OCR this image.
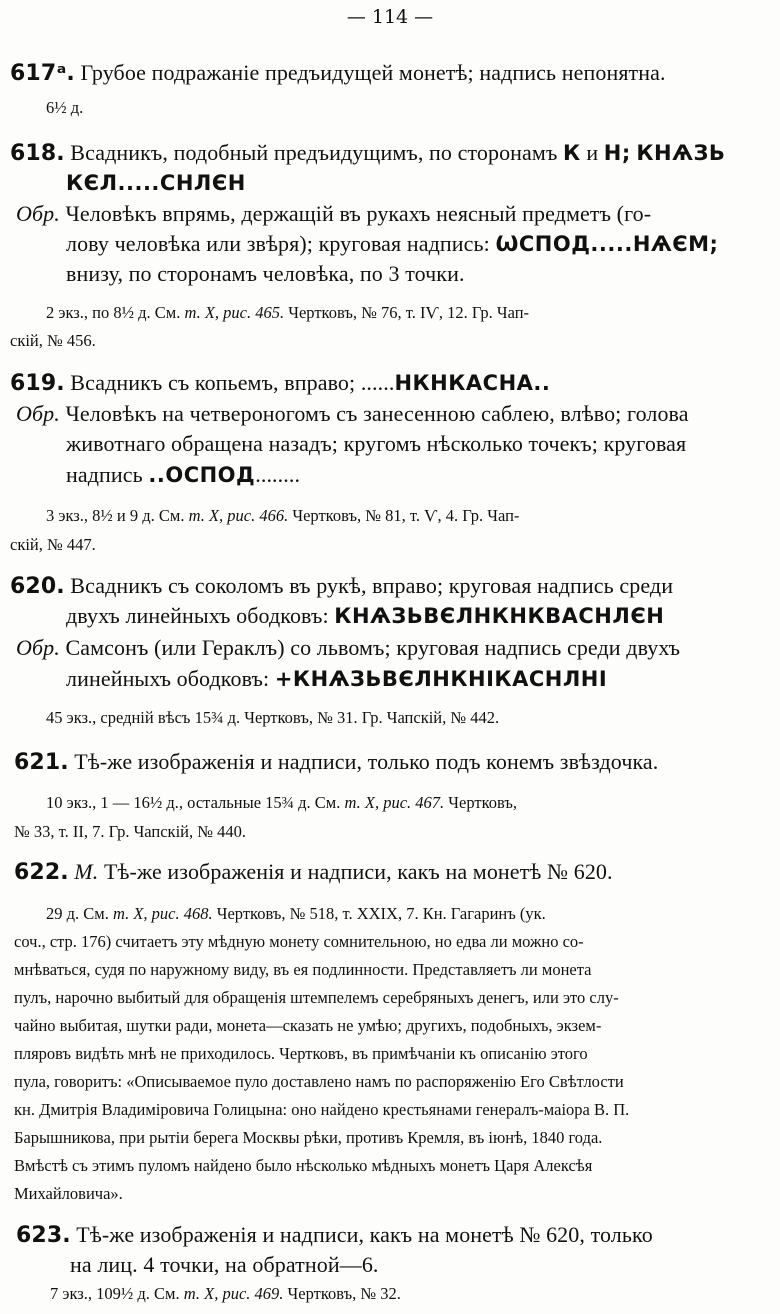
— 114 —
617ᵃ. Грубое подражаніе предъидущей монетѣ; надпись непонятна.
6½ д.
618. Всадникъ, подобный предъидущимъ, по сторонамъ К и Н; КНѦЗЬ
КЄЛ.....СНЛЄН
Обр. Человѣкъ впрямь, держащій въ рукахъ неясный предметъ (го-
лову человѣка или звѣря); круговая надпись: ѠСПОД.....НѦЄМ;
внизу, по сторонамъ человѣка, по 3 точки.
2 экз., по 8½ д. См. т. X, рис. 465. Чертковъ, № 76, т. IѴ, 12. Гр. Чап-
скій, № 456.
619. Всадникъ съ копьемъ, вправо; ......НКНКАСНА..
Обр. Человѣкъ на четвероногомъ съ занесенною саблею, влѣво; голова
животнаго обращена назадъ; кругомъ нѣсколько точекъ; круговая
надпись ..ОСПОД........
3 экз., 8½ и 9 д. См. т. X, рис. 466. Чертковъ, № 81, т. Ѵ, 4. Гр. Чап-
скій, № 447.
620. Всадникъ съ соколомъ въ рукѣ, вправо; круговая надпись среди
двухъ линейныхъ ободковъ: КНѦЗЬВЄЛНКНКВАСНЛЄН
Обр. Самсонъ (или Гераклъ) со львомъ; круговая надпись среди двухъ
линейныхъ ободковъ: +КНѦЗЬВЄЛНКНІКАСНЛНІ
45 экз., средній вѣсъ 15¾ д. Чертковъ, № 31. Гр. Чапскій, № 442.
621. Тѣ-же изображенія и надписи, только подъ конемъ звѣздочка.
10 экз., 1 — 16½ д., остальные 15¾ д. См. т. X, рис. 467. Чертковъ,
№ 33, т. II, 7. Гр. Чапскій, № 440.
622. М. Тѣ-же изображенія и надписи, какъ на монетѣ № 620.
29 д. См. т. X, рис. 468. Чертковъ, № 518, т. XXIX, 7. Кн. Гагаринъ (ук.
соч., стр. 176) считаетъ эту мѣдную монету сомнительною, но едва ли можно со-
мнѣваться, судя по наружному виду, въ ея подлинности. Представляетъ ли монета
пулъ, нарочно выбитый для обращенія штемпелемъ серебряныхъ денегъ, или это слу-
чайно выбитая, шутки ради, монета—сказать не умѣю; другихъ, подобныхъ, экзем-
пляровъ видѣть мнѣ не приходилось. Чертковъ, въ примѣчаніи къ описанію этого
пула, говоритъ: «Описываемое пуло доставлено намъ по распоряженію Его Свѣтлости
кн. Дмитрія Владиміровича Голицына: оно найдено крестьянами генералъ-маіора В. П.
Барышникова, при рытіи берега Москвы рѣки, противъ Кремля, въ іюнѣ, 1840 года.
Вмѣстѣ съ этимъ пуломъ найдено было нѣсколько мѣдныхъ монетъ Царя Алексѣя
Михайловича».
623. Тѣ-же изображенія и надписи, какъ на монетѣ № 620, только
на лиц. 4 точки, на обратной—6.
7 экз., 109½ д. См. т. X, рис. 469. Чертковъ, № 32.
